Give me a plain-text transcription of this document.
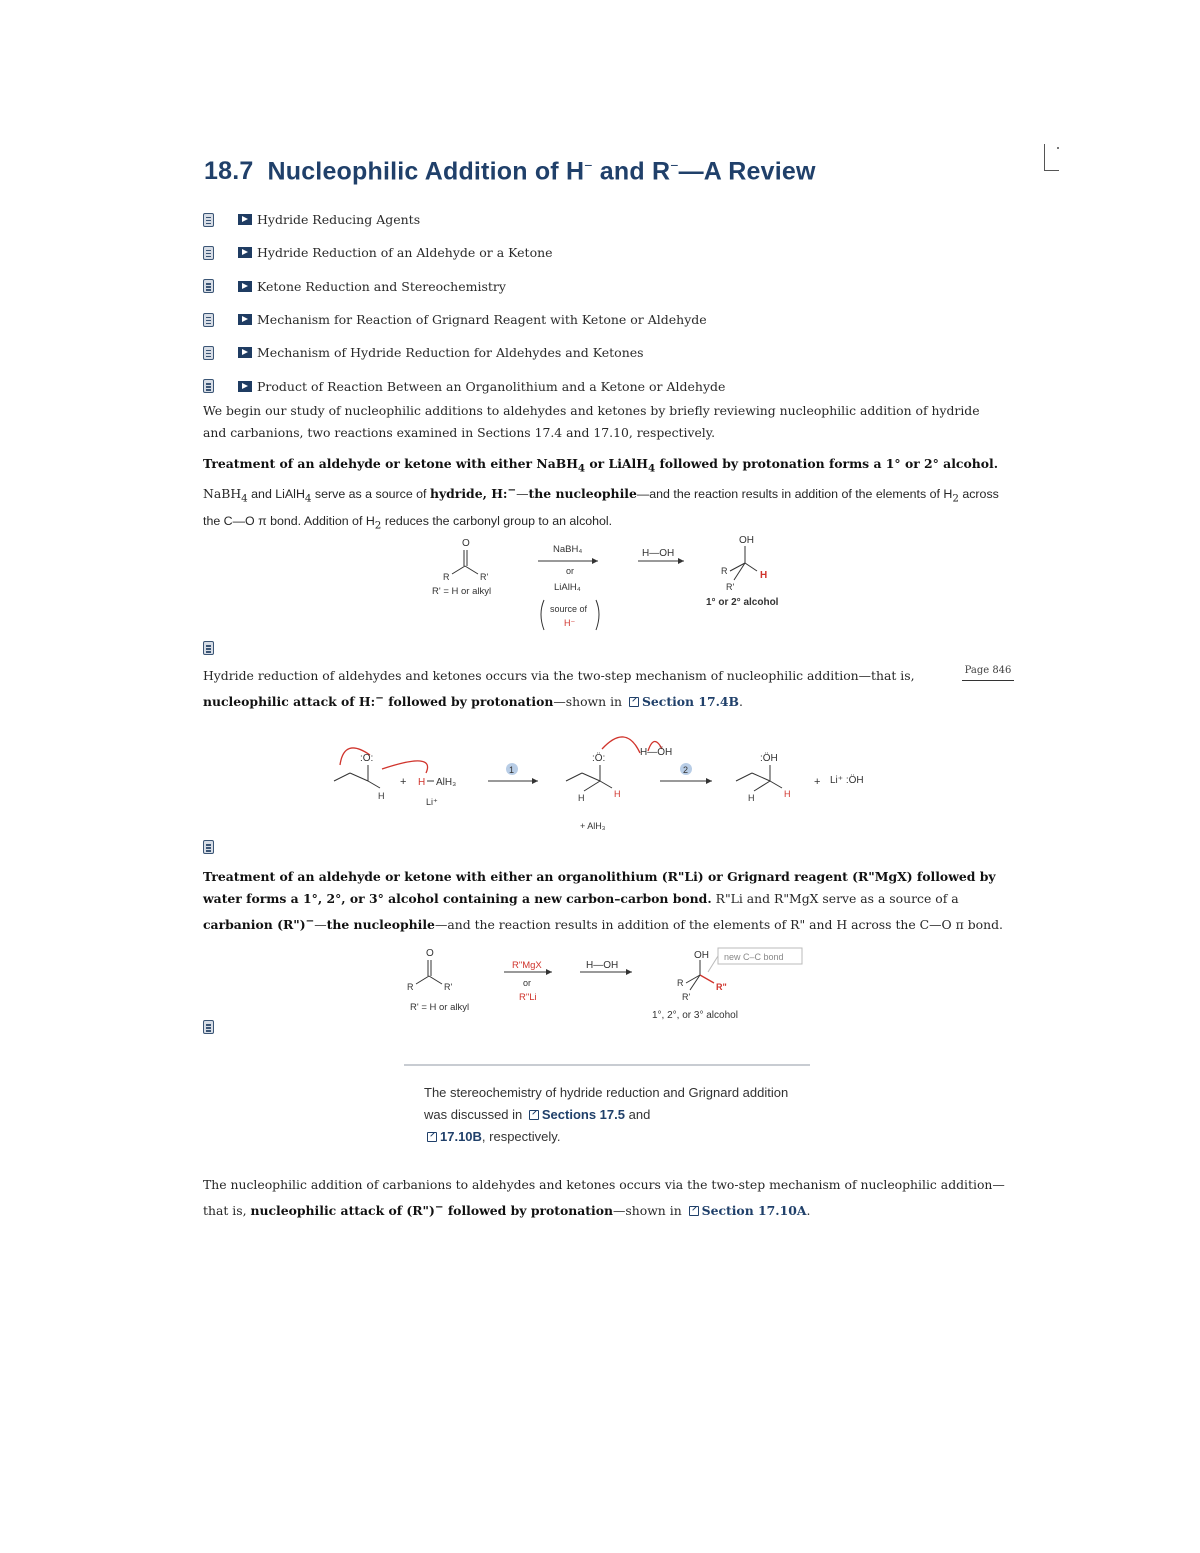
18.7 Nucleophilic Addition of H− and R−—A Review
Hydride Reducing Agents
Hydride Reduction of an Aldehyde or a Ketone
Ketone Reduction and Stereochemistry
Mechanism for Reaction of Grignard Reagent with Ketone or Aldehyde
Mechanism of Hydride Reduction for Aldehydes and Ketones
Product of Reaction Between an Organolithium and a Ketone or Aldehyde

We begin our study of nucleophilic additions to aldehydes and ketones by briefly reviewing nucleophilic addition of hydride and carbanions, two reactions examined in Sections 17.4 and 17.10, respectively.

Treatment of an aldehyde or ketone with either NaBH$_4$ or LiAlH$_4$ followed by protonation forms a 1° or 2° alcohol. NaBH$_4$ and LiAlH$_4$ serve as a source of hydride, H:−—the nucleophile—and the reaction results in addition of the elements of $H_2$ across the C—O π bond. Addition of $H_2$ reduces the carbonyl group to an alcohol.

O
R	R'
R' = H or alkyl
NaBH₄
or
LiAlH₄
source of
H⁻
H—OH
OH
R
R'
H
1° or 2° alcohol
Page 846

Hydride reduction of aldehydes and ketones occurs via the two-step mechanism of nucleophilic addition—that is, nucleophilic attack of H:− followed by protonation—shown in Section 17.4B.

:O:
H
+ H AlH₃
Li⁺
1
:Ö:
H	H
H—ÖH
+ AlH₃
2
:ÖH
H	H
+ Li⁺ :ÖH

Treatment of an aldehyde or ketone with either an organolithium (R"Li) or Grignard reagent (R"MgX) followed by water forms a 1°, 2°, or 3° alcohol containing a new carbon–carbon bond. R"Li and R"MgX serve as a source of a carbanion (R")−—the nucleophile—and the reaction results in addition of the elements of R" and H across the C—O π bond.

O
R	R'
R' = H or alkyl
R"MgX
or
R"Li
H—OH
OH
R
R'
R"
new C–C bond
1°, 2°, or 3° alcohol

The stereochemistry of hydride reduction and Grignard addition was discussed in Sections 17.5 and
17.10B, respectively.

The nucleophilic addition of carbanions to aldehydes and ketones occurs via the two-step mechanism of nucleophilic addition—that is, nucleophilic attack of (R")− followed by protonation—shown in Section 17.10A.
